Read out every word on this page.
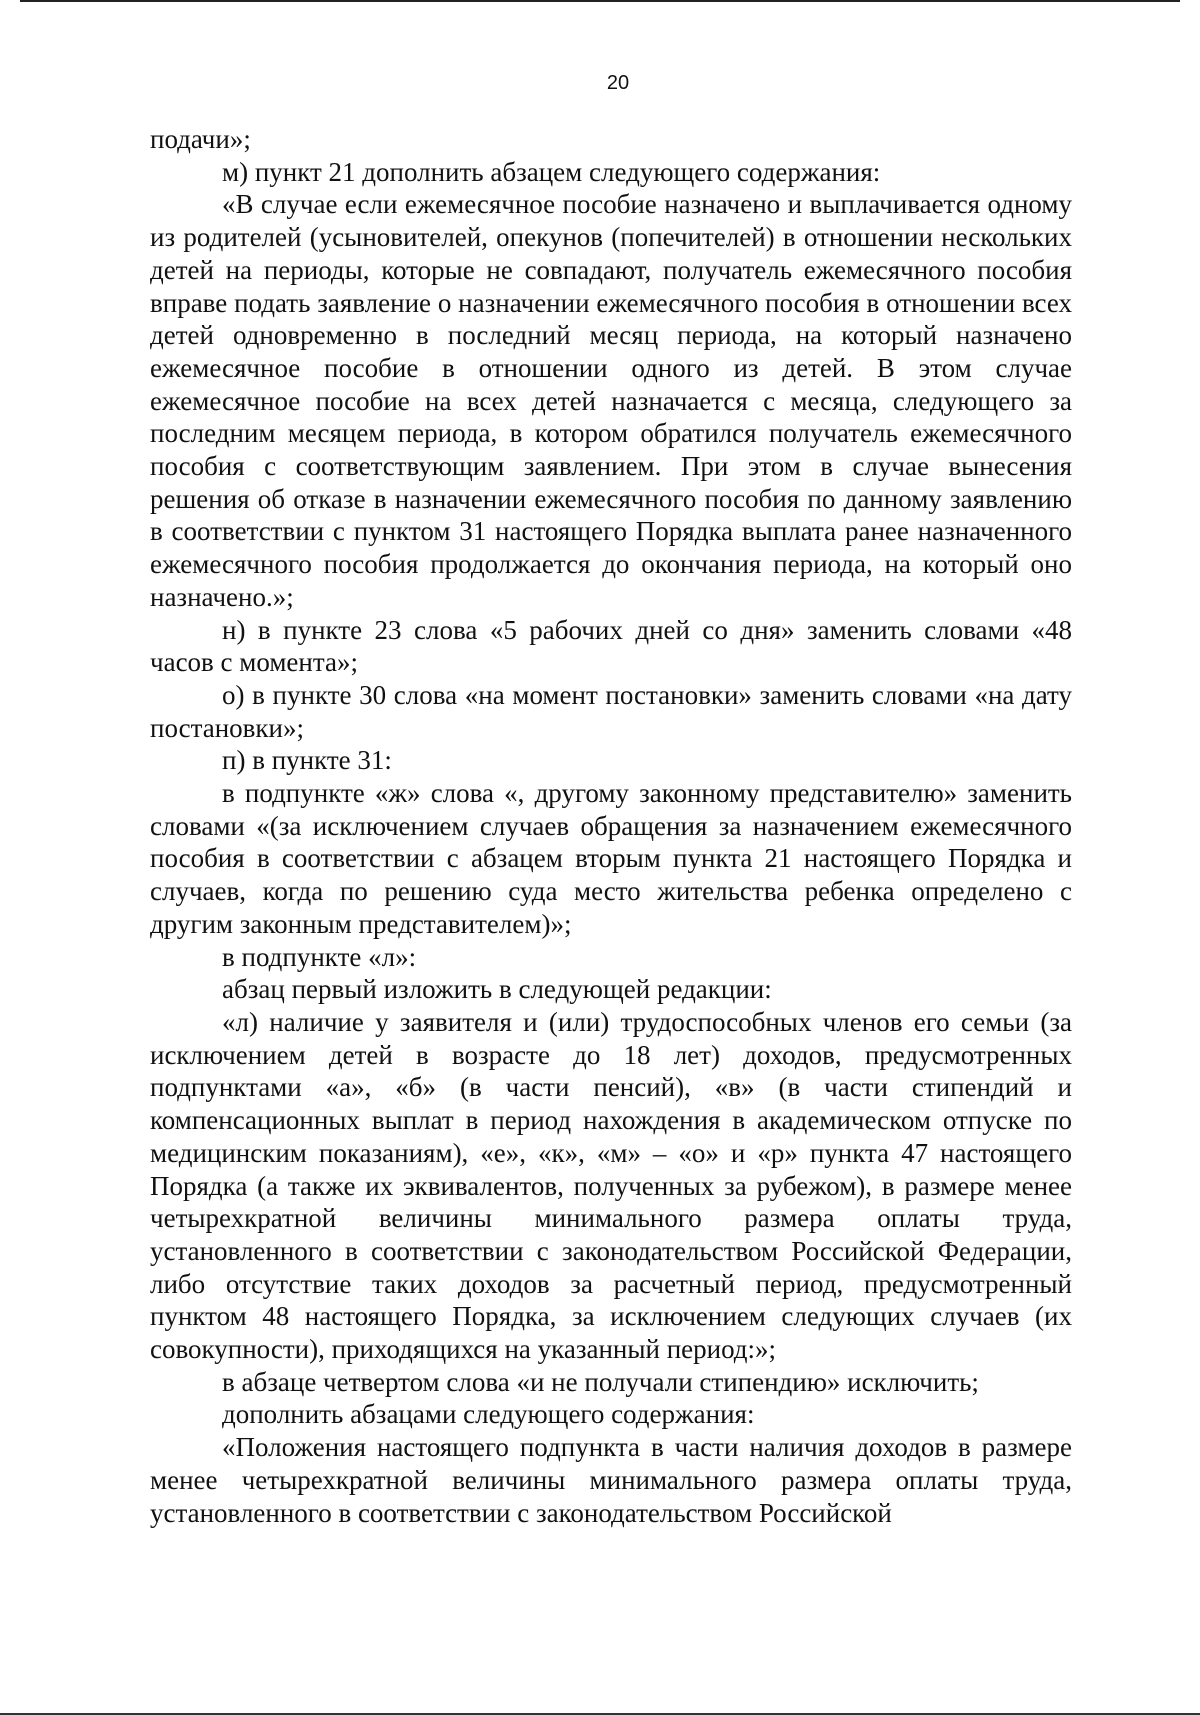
20

подачи»;

м) пункт 21 дополнить абзацем следующего содержания:

«В случае если ежемесячное пособие назначено и выплачивается одному из родителей (усыновителей, опекунов (попечителей) в отношении нескольких детей на периоды, которые не совпадают, получатель ежемесячного пособия вправе подать заявление о назначении ежемесячного пособия в отношении всех детей одновременно в последний месяц периода, на который назначено ежемесячное пособие в отношении одного из детей. В этом случае ежемесячное пособие на всех детей назначается с месяца, следующего за последним месяцем периода, в котором обратился получатель ежемесячного пособия с соответствующим заявлением. При этом в случае вынесения решения об отказе в назначении ежемесячного пособия по данному заявлению в соответствии с пунктом 31 настоящего Порядка выплата ранее назначенного ежемесячного пособия продолжается до окончания периода, на который оно назначено.»;

н) в пункте 23 слова «5 рабочих дней со дня» заменить словами «48 часов с момента»;

о) в пункте 30 слова «на момент постановки» заменить словами «на дату постановки»;

п) в пункте 31:

в подпункте «ж» слова «, другому законному представителю» заменить словами «(за исключением случаев обращения за назначением ежемесячного пособия в соответствии с абзацем вторым пункта 21 настоящего Порядка и случаев, когда по решению суда место жительства ребенка определено с другим законным представителем)»;

в подпункте «л»:

абзац первый изложить в следующей редакции:

«л) наличие у заявителя и (или) трудоспособных членов его семьи (за исключением детей в возрасте до 18 лет) доходов, предусмотренных подпунктами «а», «б» (в части пенсий), «в» (в части стипендий и компенсационных выплат в период нахождения в академическом отпуске по медицинским показаниям), «е», «к», «м» – «о» и «р» пункта 47 настоящего Порядка (а также их эквивалентов, полученных за рубежом), в размере менее четырехкратной величины минимального размера оплаты труда, установленного в соответствии с законодательством Российской Федерации, либо отсутствие таких доходов за расчетный период, предусмотренный пунктом 48 настоящего Порядка, за исключением следующих случаев (их совокупности), приходящихся на указанный период:»;

в абзаце четвертом слова «и не получали стипендию» исключить;

дополнить абзацами следующего содержания:

«Положения настоящего подпункта в части наличия доходов в размере менее четырехкратной величины минимального размера оплаты труда, установленного в соответствии с законодательством Российской
